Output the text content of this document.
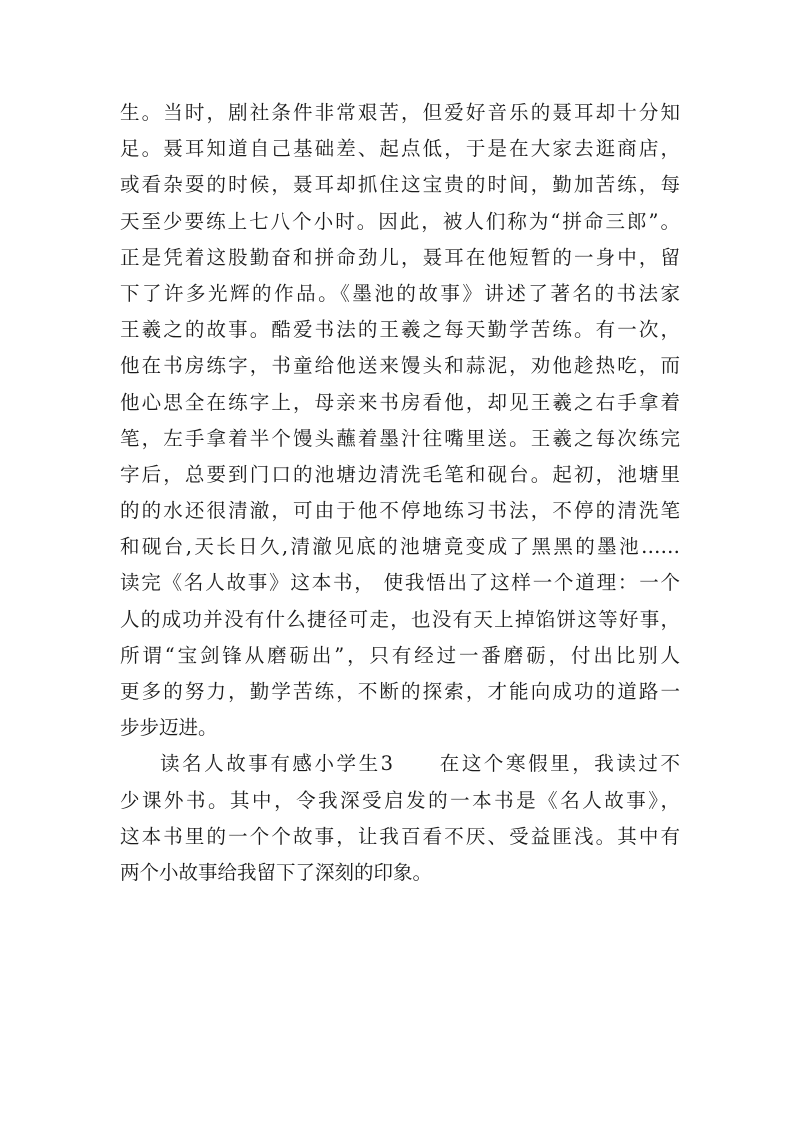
生。当时，剧社条件非常艰苦，但爱好音乐的聂耳却十分知
足。聂耳知道自己基础差、起点低，于是在大家去逛商店，
或看杂耍的时候，聂耳却抓住这宝贵的时间，勤加苦练，每
天至少要练上七八个小时。因此，被人们称为“拼命三郎”。
正是凭着这股勤奋和拼命劲儿，聂耳在他短暂的一身中，留
下了许多光辉的作品。《墨池的故事》讲述了著名的书法家
王羲之的故事。酷爱书法的王羲之每天勤学苦练。有一次，
他在书房练字，书童给他送来馒头和蒜泥，劝他趁热吃，而
他心思全在练字上，母亲来书房看他，却见王羲之右手拿着
笔，左手拿着半个馒头蘸着墨汁往嘴里送。王羲之每次练完
字后，总要到门口的池塘边清洗毛笔和砚台。起初，池塘里
的的水还很清澈，可由于他不停地练习书法，不停的清洗笔
和砚台,天长日久,清澈见底的池塘竟变成了黑黑的墨池……
读完《名人故事》这本书， 使我悟出了这样一个道理：一个
人的成功并没有什么捷径可走，也没有天上掉馅饼这等好事，
所谓“宝剑锋从磨砺出”，只有经过一番磨砺，付出比别人
更多的努力，勤学苦练，不断的探索，才能向成功的道路一
步步迈进。
读名人故事有感小学生3　　在这个寒假里，我读过不
少课外书。其中，令我深受启发的一本书是《名人故事》，
这本书里的一个个故事，让我百看不厌、受益匪浅。其中有
两个小故事给我留下了深刻的印象。
